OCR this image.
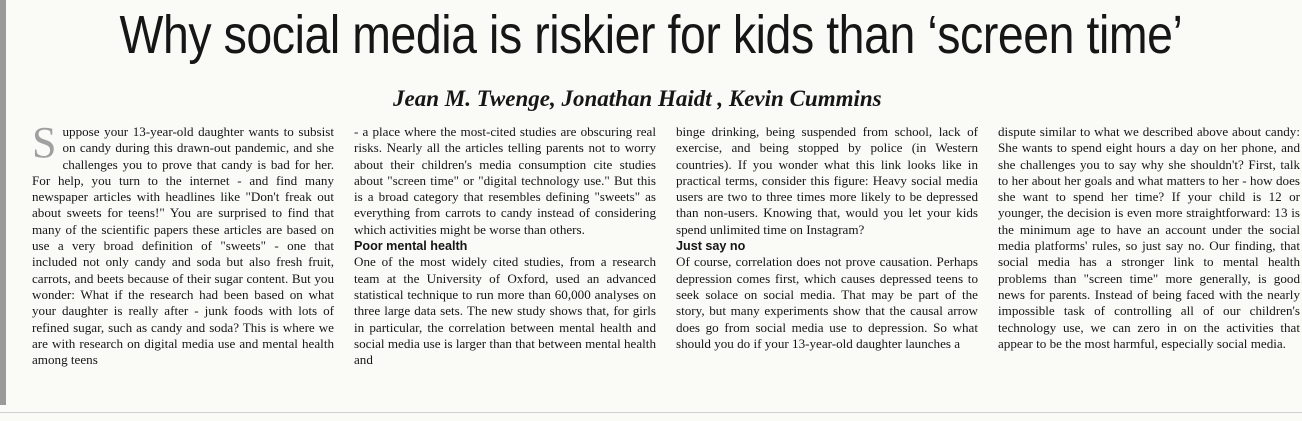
Why social media is riskier for kids than ‘screen time’

Jean M. Twenge, Jonathan Haidt , Kevin Cummins

Suppose your 13-year-old daughter wants to subsist on candy during this drawn-out pandemic, and she challenges you to prove that candy is bad for her. For help, you turn to the internet - and find many newspaper articles with headlines like "Don't freak out about sweets for teens!" You are surprised to find that many of the scientific papers these articles are based on use a very broad definition of "sweets" - one that included not only candy and soda but also fresh fruit, carrots, and beets because of their sugar content. But you wonder: What if the research had been based on what your daughter is really after - junk foods with lots of refined sugar, such as candy and soda? This is where we are with research on digital media use and mental health among teens

- a place where the most-cited studies are obscuring real risks. Nearly all the articles telling parents not to worry about their children's media consumption cite studies about "screen time" or "digital technology use." But this is a broad category that resembles defining "sweets" as everything from carrots to candy instead of considering which activities might be worse than others.

Poor mental health

One of the most widely cited studies, from a research team at the University of Oxford, used an advanced statistical technique to run more than 60,000 analyses on three large data sets. The new study shows that, for girls in particular, the correlation between mental health and social media use is larger than that between mental health and

binge drinking, being suspended from school, lack of exercise, and being stopped by police (in Western countries). If you wonder what this link looks like in practical terms, consider this figure: Heavy social media users are two to three times more likely to be depressed than non-users. Knowing that, would you let your kids spend unlimited time on Instagram?

Just say no

Of course, correlation does not prove causation. Perhaps depression comes first, which causes depressed teens to seek solace on social media. That may be part of the story, but many experiments show that the causal arrow does go from social media use to depression. So what should you do if your 13-year-old daughter launches a

dispute similar to what we described above about candy: She wants to spend eight hours a day on her phone, and she challenges you to say why she shouldn't? First, talk to her about her goals and what matters to her - how does she want to spend her time? If your child is 12 or younger, the decision is even more straightforward: 13 is the minimum age to have an account under the social media platforms' rules, so just say no. Our finding, that social media has a stronger link to mental health problems than "screen time" more generally, is good news for parents. Instead of being faced with the nearly impossible task of controlling all of our children's technology use, we can zero in on the activities that appear to be the most harmful, especially social media.
